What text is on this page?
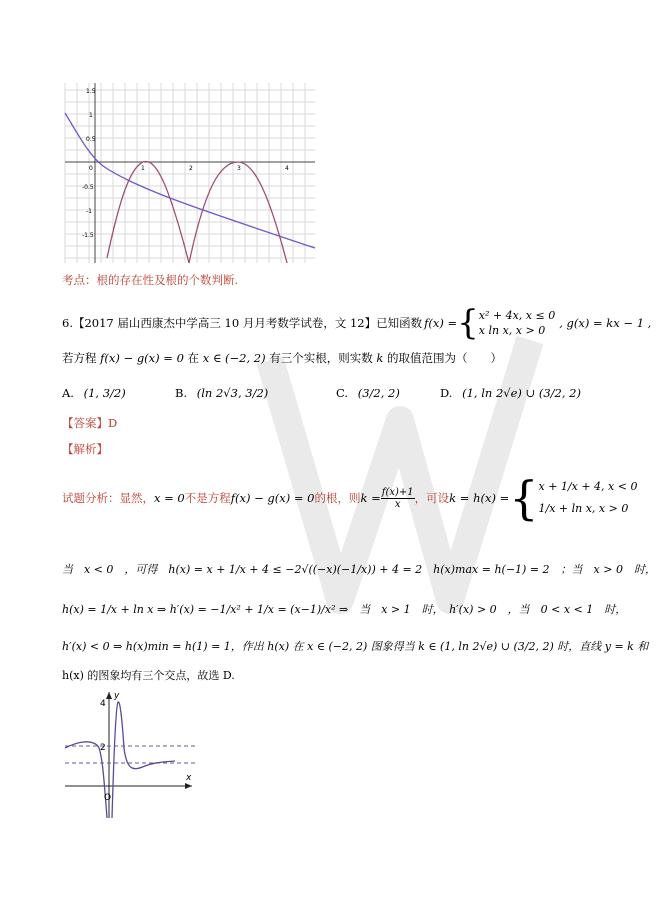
1.5
1
0.5
-0.5
-1
-1.5
1	2	3	4
0
考点：根的存在性及根的个数判断.
6.【2017 届山西康杰中学高三 10 月月考数学试卷，文 12】已知函数 f(x) = { x² + 4x, x ≤ 0
x ln x, x > 0
, g(x) = kx − 1 ,
若方程 f(x) − g(x) = 0 在 x ∈ (−2, 2) 有三个实根，则实数 k 的取值范围为（　　）
A. (1, 3/2)	B. (ln 2√3, 3/2)	C. (3/2, 2)	D. (1, ln 2√e) ∪ (3/2, 2)
【答案】D
【解析】
试题分析：显然， x = 0 不是方程 f(x) − g(x) = 0 的根，则 $k = \frac{f(x)+1}{x}$ ，可设 k = h(x) = { x + 1/x + 4, x < 0
1/x + ln x, x > 0
当　x < 0　，可得　h(x) = x + 1/x + 4 ≤ −2√((−x)(−1/x)) + 4 = 2　h(x)max = h(−1) = 2　；当　x > 0　时，
h(x) = 1/x + ln x ⇒ h′(x) = −1/x² + 1/x = (x−1)/x² ⇒　当　x > 1　时，　h′(x) > 0　，当　0 < x < 1　时，
h′(x) < 0 ⇒ h(x)min = h(1) = 1，作出 h(x) 在 x ∈ (−2, 2) 图象得当 k ∈ (1, ln 2√e) ∪ (3/2, 2) 时，直线 y = k 和
h(x) 的图象均有三个交点，故选 D.
4
2
y
x
O
